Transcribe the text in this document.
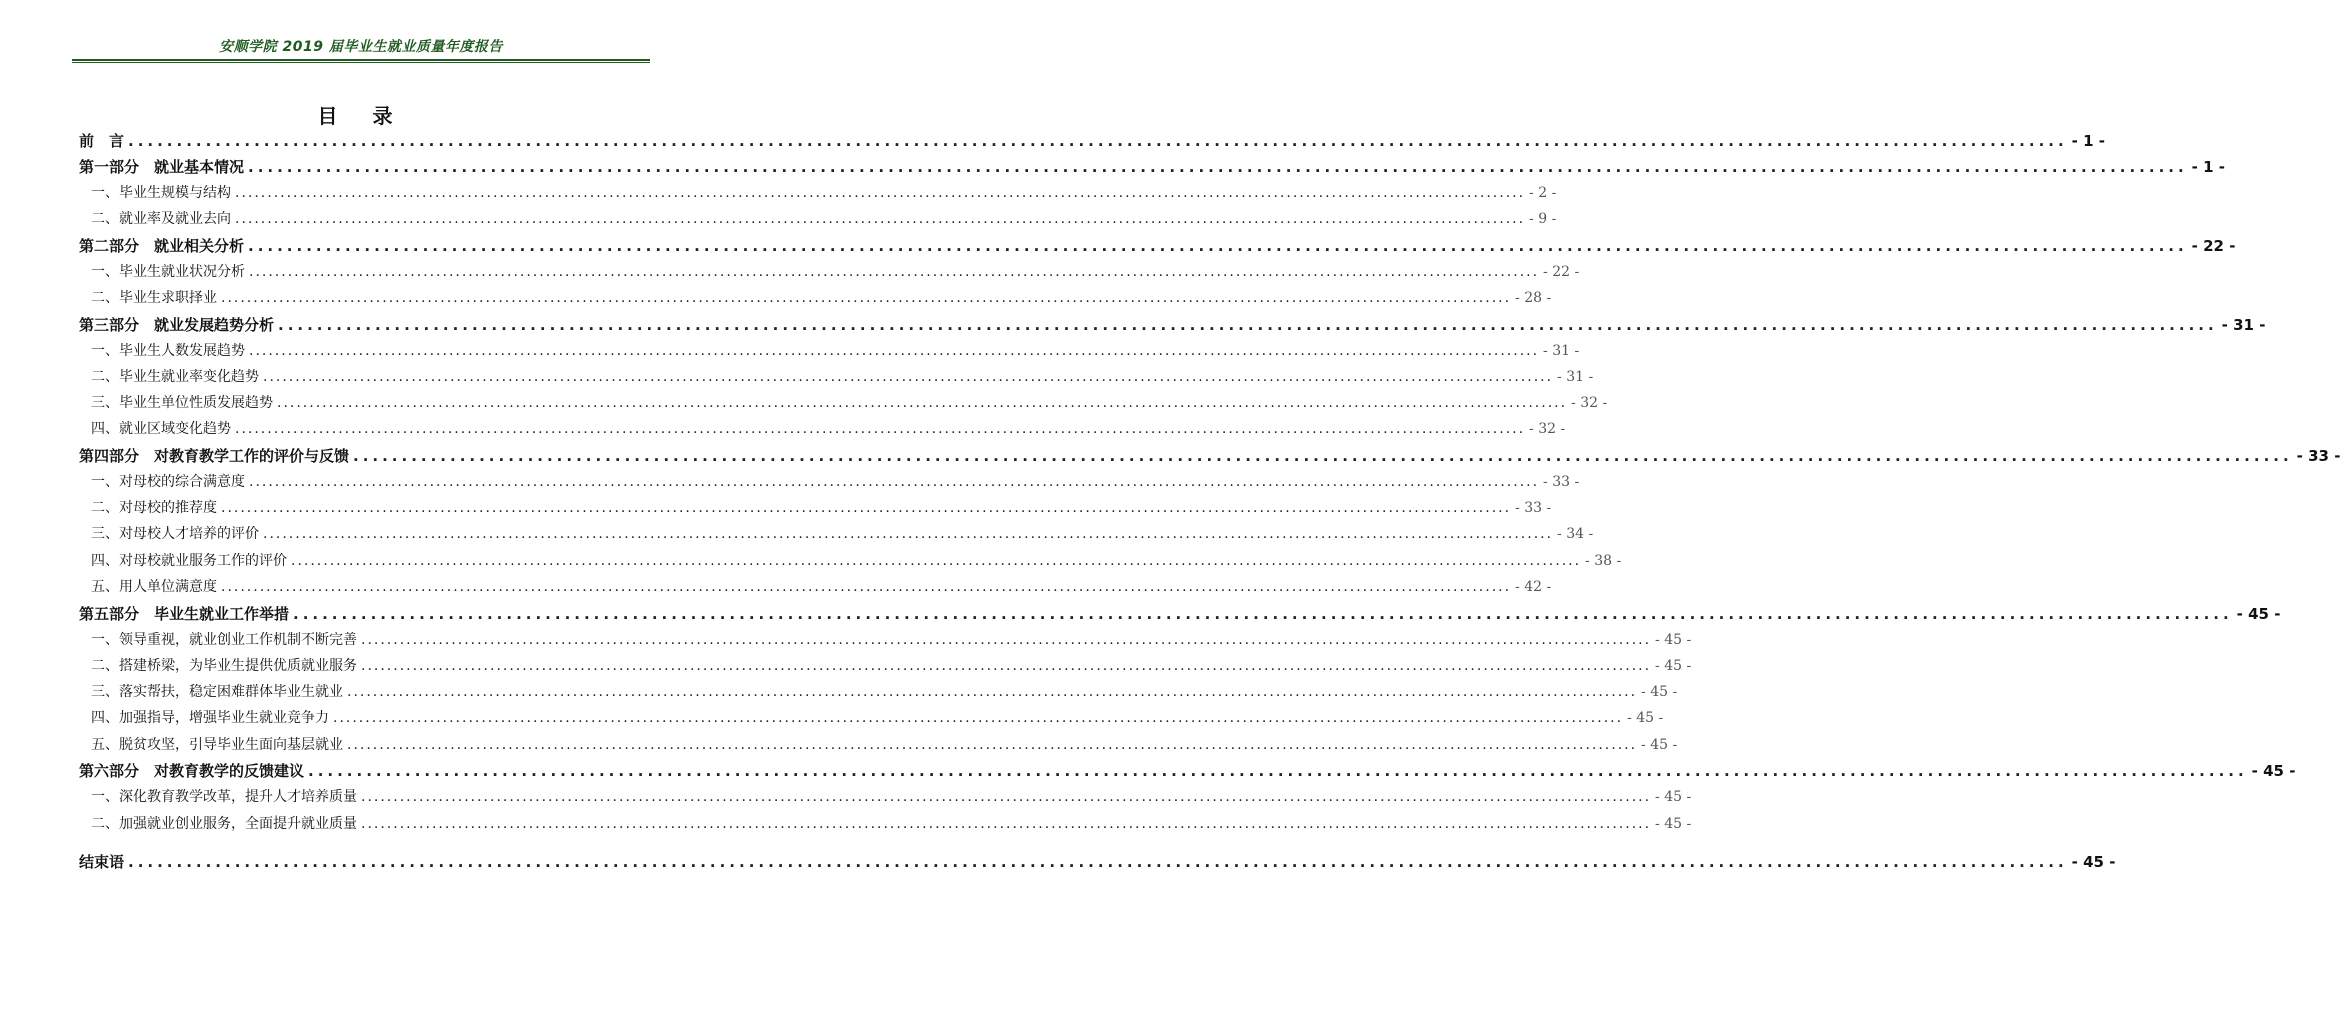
安顺学院 2019 届毕业生就业质量年度报告
目 录
前　言 ........................................................................................................................................................................................................ - 1 -
第一部分　就业基本情况 ........................................................................................................................................................................................................ - 1 -
一、毕业生规模与结构 ........................................................................................................................................................................................................ - 2 -
二、就业率及就业去向 ........................................................................................................................................................................................................ - 9 -
第二部分　就业相关分析 ........................................................................................................................................................................................................ - 22 -
一、毕业生就业状况分析 ........................................................................................................................................................................................................ - 22 -
二、毕业生求职择业 ........................................................................................................................................................................................................ - 28 -
第三部分　就业发展趋势分析 ........................................................................................................................................................................................................ - 31 -
一、毕业生人数发展趋势 ........................................................................................................................................................................................................ - 31 -
二、毕业生就业率变化趋势 ........................................................................................................................................................................................................ - 31 -
三、毕业生单位性质发展趋势 ........................................................................................................................................................................................................ - 32 -
四、就业区域变化趋势 ........................................................................................................................................................................................................ - 32 -
第四部分　对教育教学工作的评价与反馈 ........................................................................................................................................................................................................ - 33 -
一、对母校的综合满意度 ........................................................................................................................................................................................................ - 33 -
二、对母校的推荐度 ........................................................................................................................................................................................................ - 33 -
三、对母校人才培养的评价 ........................................................................................................................................................................................................ - 34 -
四、对母校就业服务工作的评价 ........................................................................................................................................................................................................ - 38 -
五、用人单位满意度 ........................................................................................................................................................................................................ - 42 -
第五部分　毕业生就业工作举措 ........................................................................................................................................................................................................ - 45 -
一、领导重视，就业创业工作机制不断完善 ........................................................................................................................................................................................................ - 45 -
二、搭建桥梁，为毕业生提供优质就业服务 ........................................................................................................................................................................................................ - 45 -
三、落实帮扶，稳定困难群体毕业生就业 ........................................................................................................................................................................................................ - 45 -
四、加强指导，增强毕业生就业竞争力 ........................................................................................................................................................................................................ - 45 -
五、脱贫攻坚，引导毕业生面向基层就业 ........................................................................................................................................................................................................ - 45 -
第六部分　对教育教学的反馈建议 ........................................................................................................................................................................................................ - 45 -
一、深化教育教学改革，提升人才培养质量 ........................................................................................................................................................................................................ - 45 -
二、加强就业创业服务，全面提升就业质量 ........................................................................................................................................................................................................ - 45 -
结束语 ........................................................................................................................................................................................................ - 45 -
